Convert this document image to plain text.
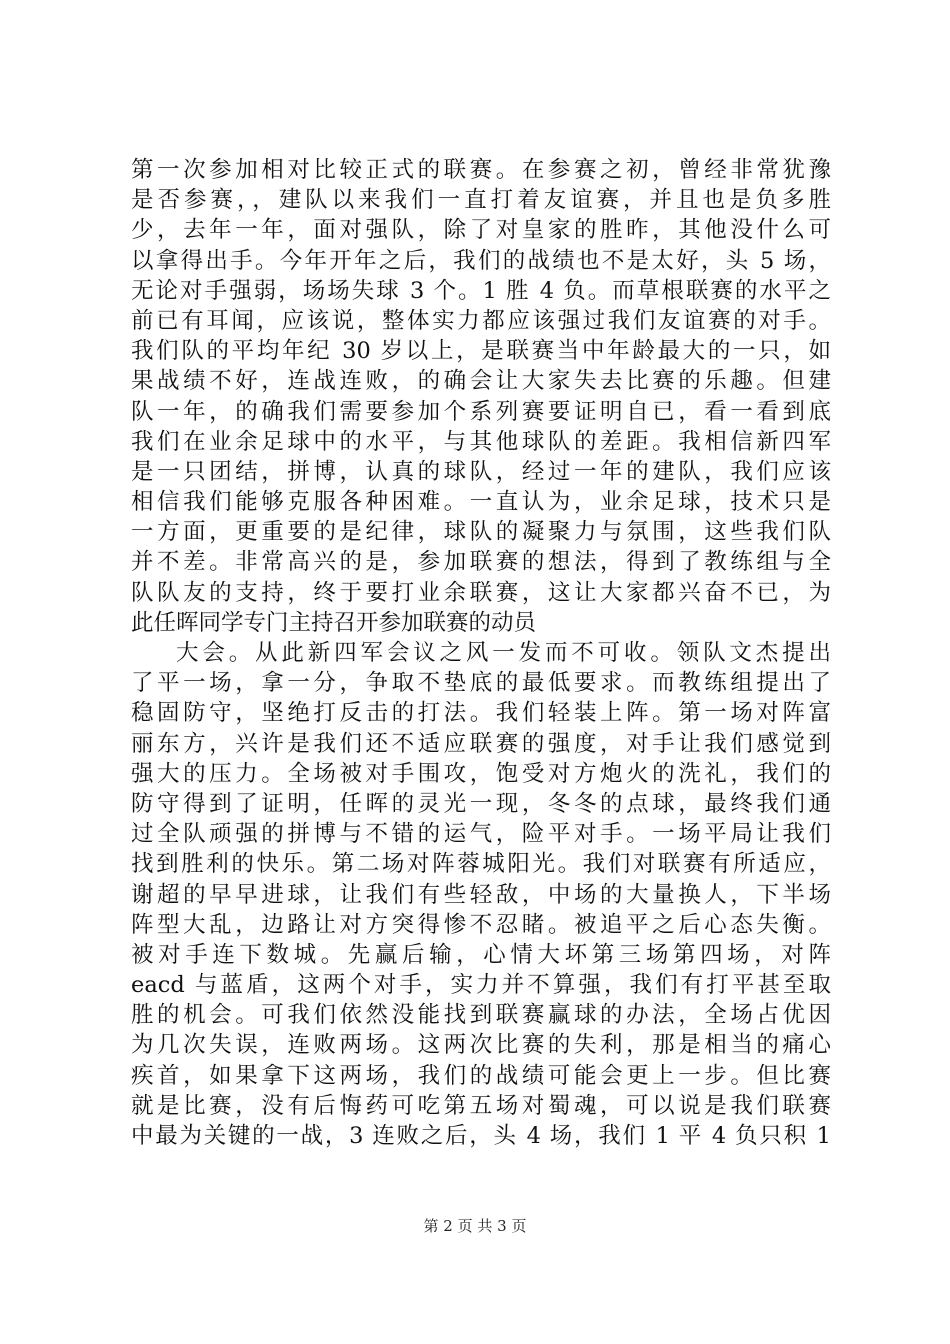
第一次参加相对比较正式的联赛。在参赛之初，曾经非常犹豫
是否参赛，，建队以来我们一直打着友谊赛，并且也是负多胜
少，去年一年，面对强队，除了对皇家的胜昨，其他没什么可
以拿得出手。今年开年之后，我们的战绩也不是太好，头 5 场，
无论对手强弱，场场失球 3 个。1 胜 4 负。而草根联赛的水平之
前已有耳闻，应该说，整体实力都应该强过我们友谊赛的对手。
我们队的平均年纪 30 岁以上，是联赛当中年龄最大的一只，如
果战绩不好，连战连败，的确会让大家失去比赛的乐趣。但建
队一年，的确我们需要参加个系列赛要证明自已，看一看到底
我们在业余足球中的水平，与其他球队的差距。我相信新四军
是一只团结，拼博，认真的球队，经过一年的建队，我们应该
相信我们能够克服各种困难。一直认为，业余足球，技术只是
一方面，更重要的是纪律，球队的凝聚力与氛围，这些我们队
并不差。非常高兴的是，参加联赛的想法，得到了教练组与全
队队友的支持，终于要打业余联赛，这让大家都兴奋不已，为
此任晖同学专门主持召开参加联赛的动员
大会。从此新四军会议之风一发而不可收。领队文杰提出
了平一场，拿一分，争取不垫底的最低要求。而教练组提出了
稳固防守，坚绝打反击的打法。我们轻装上阵。第一场对阵富
丽东方，兴许是我们还不适应联赛的强度，对手让我们感觉到
强大的压力。全场被对手围攻，饱受对方炮火的洗礼，我们的
防守得到了证明，任晖的灵光一现，冬冬的点球，最终我们通
过全队顽强的拼博与不错的运气，险平对手。一场平局让我们
找到胜利的快乐。第二场对阵蓉城阳光。我们对联赛有所适应，
谢超的早早进球，让我们有些轻敌，中场的大量换人，下半场
阵型大乱，边路让对方突得惨不忍睹。被追平之后心态失衡。
被对手连下数城。先赢后输，心情大坏第三场第四场，对阵
eacd 与蓝盾，这两个对手，实力并不算强，我们有打平甚至取
胜的机会。可我们依然没能找到联赛赢球的办法，全场占优因
为几次失误，连败两场。这两次比赛的失利，那是相当的痛心
疾首，如果拿下这两场，我们的战绩可能会更上一步。但比赛
就是比赛，没有后悔药可吃第五场对蜀魂，可以说是我们联赛
中最为关键的一战，3 连败之后，头 4 场，我们 1 平 4 负只积 1
第 2 页 共 3 页
